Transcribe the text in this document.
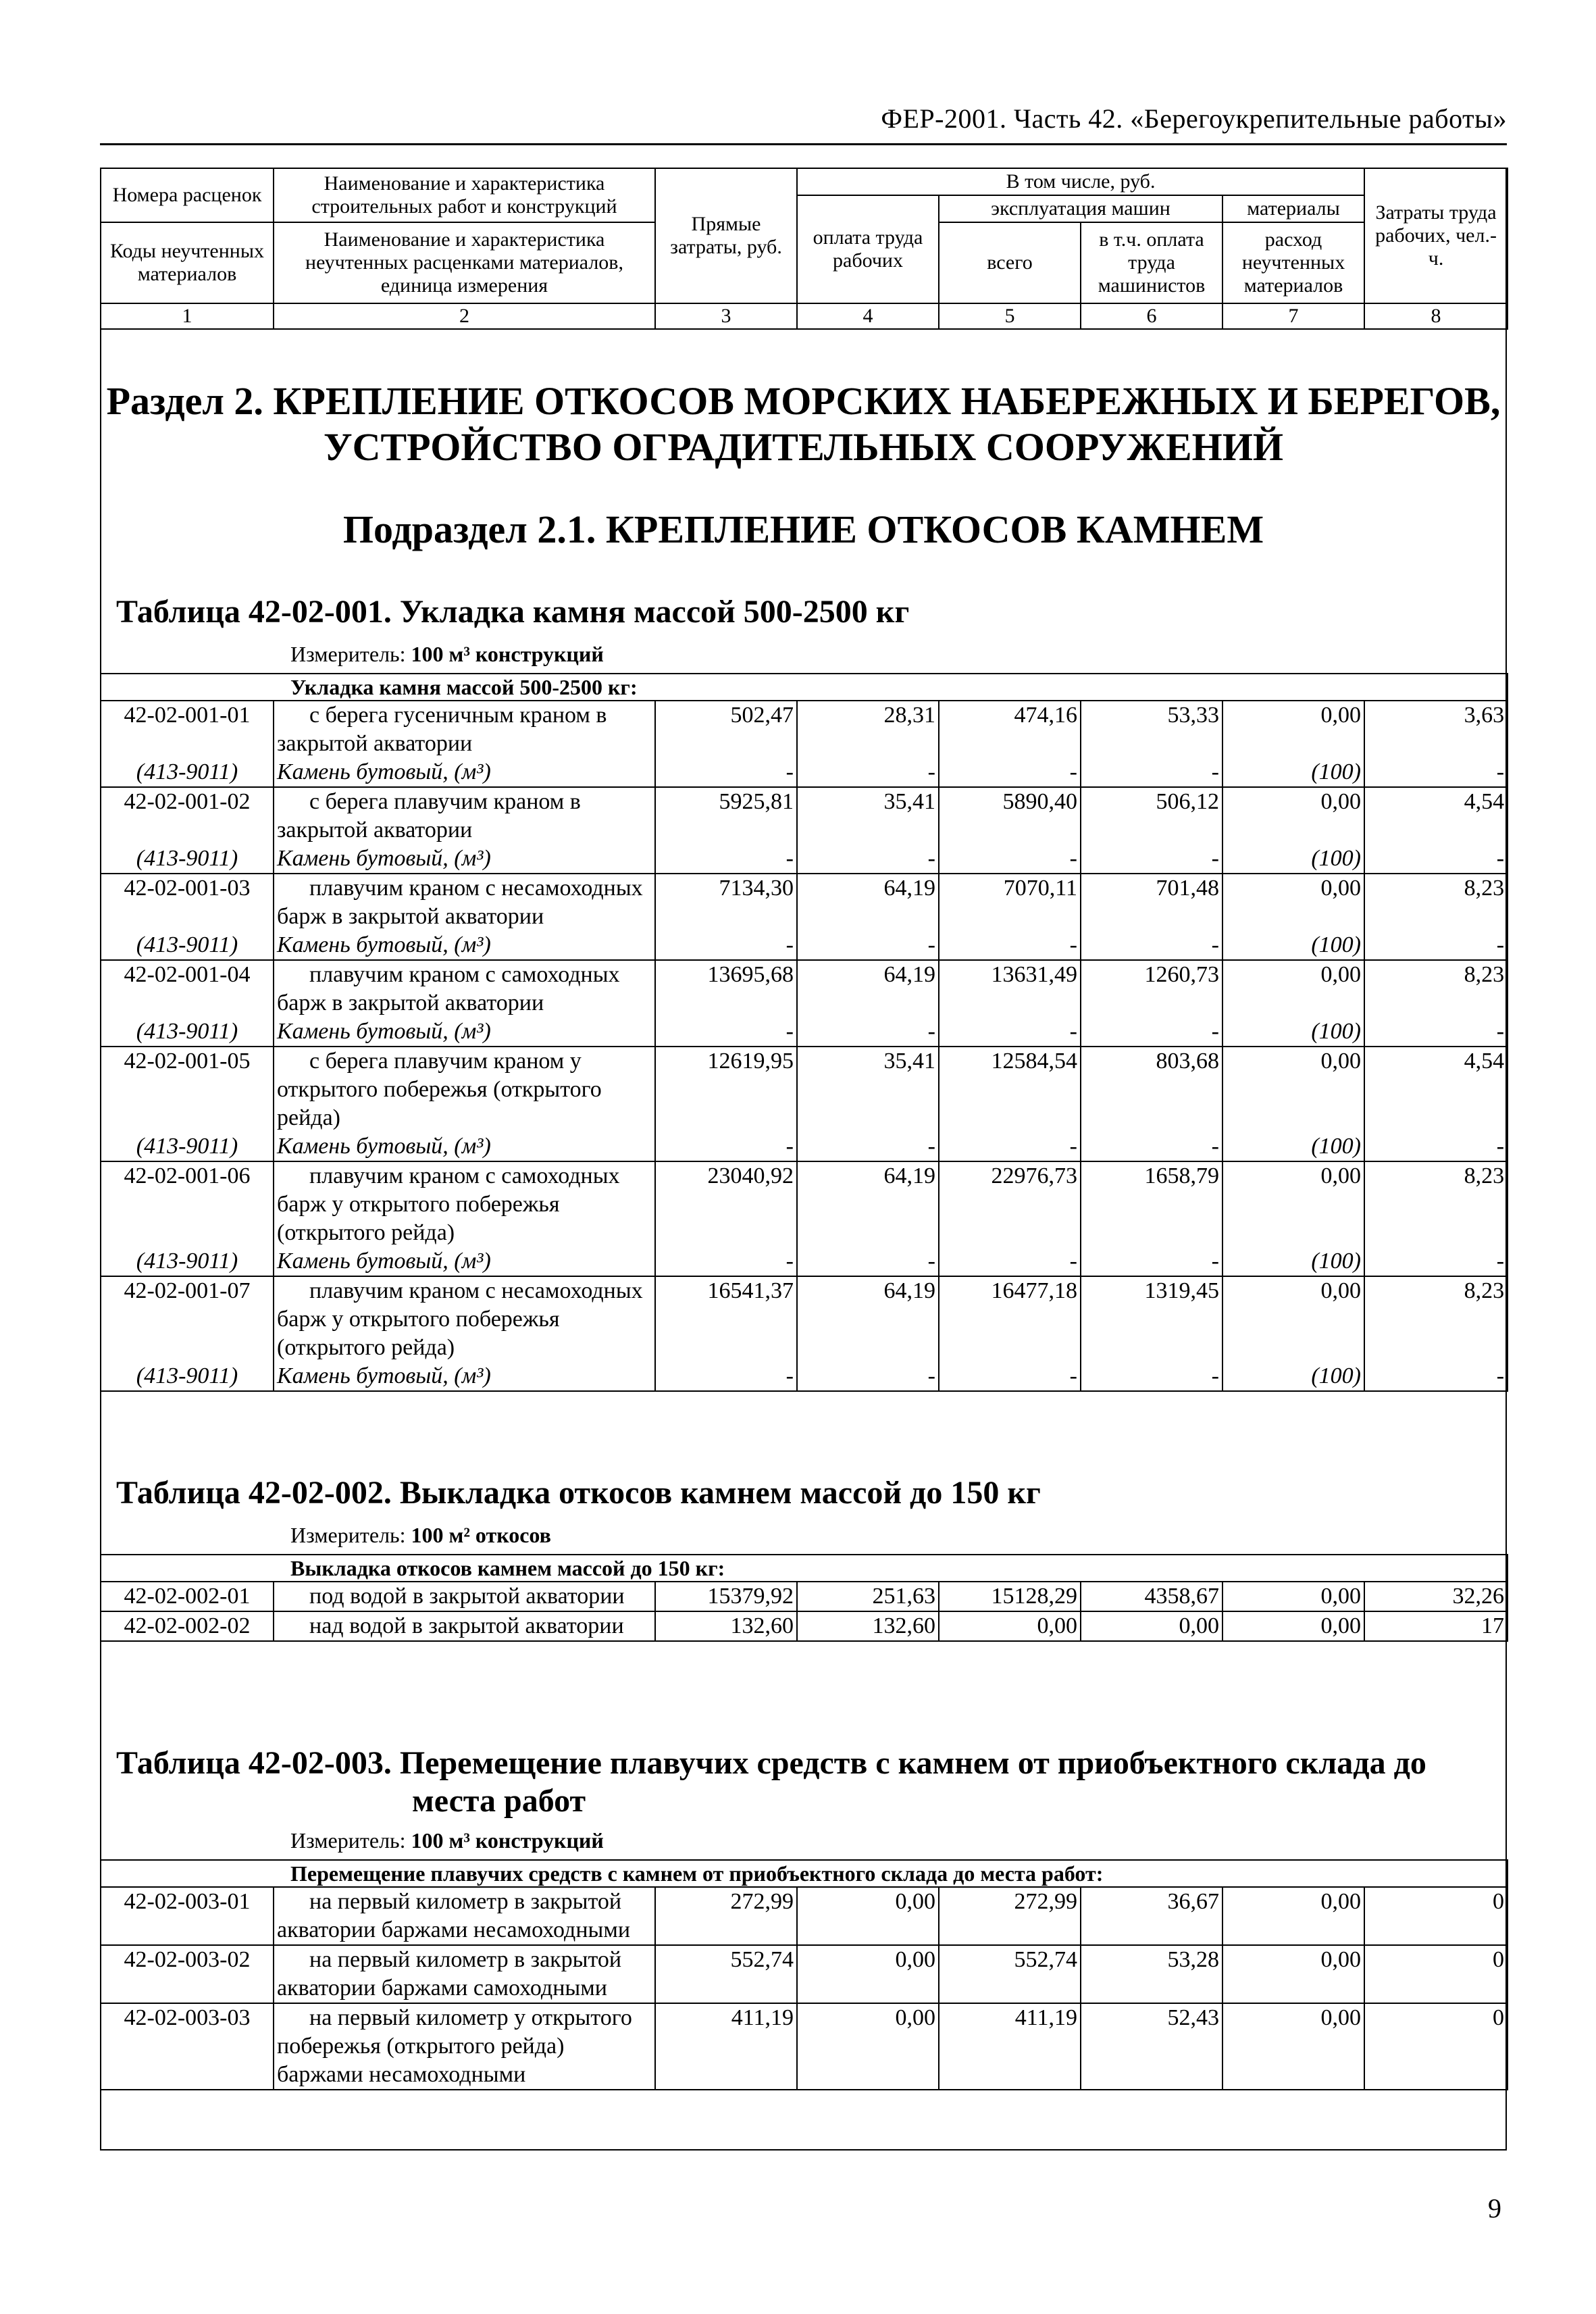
ФЕР-2001. Часть 42. «Берегоукрепительные работы»
Номера расценок	Наименование и характеристика строительных работ и конструкций	Прямые затраты, руб.	В том числе, руб.				Затраты труда рабочих, чел.-ч.
			оплата труда рабочих	эксплуатация машин		материалы	
Коды неучтенных материалов	Наименование и характеристика неучтенных расценками материалов, единица измерения			всего	в т.ч. оплата труда машинистов	расход неучтенных материалов	

1	2	3	4	5	6	7	8
Раздел 2. КРЕПЛЕНИЕ ОТКОСОВ МОРСКИХ НАБЕРЕЖНЫХ И БЕРЕГОВ, УСТРОЙСТВО ОГРАДИТЕЛЬНЫХ СООРУЖЕНИЙ
Подраздел 2.1. КРЕПЛЕНИЕ ОТКОСОВ КАМНЕМ
Таблица 42-02-001. Укладка камня массой 500-2500 кг
Измеритель: 100 м³ конструкций
Укладка камня массой 500-2500 кг:							
42-02-001-01	с берега гусеничным краном в закрытой акватории	502,47	28,31	474,16	53,33	0,00	3,63
(413-9011)	Камень бутовый, (м³)	-	-	-	-	(100)	-
42-02-001-02	с берега плавучим краном в закрытой акватории	5925,81	35,41	5890,40	506,12	0,00	4,54
(413-9011)	Камень бутовый, (м³)	-	-	-	-	(100)	-
42-02-001-03	плавучим краном с несамоходных барж в закрытой акватории	7134,30	64,19	7070,11	701,48	0,00	8,23
(413-9011)	Камень бутовый, (м³)	-	-	-	-	(100)	-
42-02-001-04	плавучим краном с самоходных барж в закрытой акватории	13695,68	64,19	13631,49	1260,73	0,00	8,23
(413-9011)	Камень бутовый, (м³)	-	-	-	-	(100)	-
42-02-001-05	с берега плавучим краном у открытого побережья (открытого рейда)	12619,95	35,41	12584,54	803,68	0,00	4,54
(413-9011)	Камень бутовый, (м³)	-	-	-	-	(100)	-
42-02-001-06	плавучим краном с самоходных барж у открытого побережья (открытого рейда)	23040,92	64,19	22976,73	1658,79	0,00	8,23
(413-9011)	Камень бутовый, (м³)	-	-	-	-	(100)	-
42-02-001-07	плавучим краном с несамоходных барж у открытого побережья (открытого рейда)	16541,37	64,19	16477,18	1319,45	0,00	8,23
(413-9011)	Камень бутовый, (м³)	-	-	-	-	(100)	-
Таблица 42-02-002. Выкладка откосов камнем массой до 150 кг
Измеритель: 100 м² откосов
Выкладка откосов камнем массой до 150 кг:							
42-02-002-01	под водой в закрытой акватории	15379,92	251,63	15128,29	4358,67	0,00	32,26
42-02-002-02	над водой в закрытой акватории	132,60	132,60	0,00	0,00	0,00	17
Таблица 42-02-003. Перемещение плавучих средств с камнем от приобъектного склада до
места работ
Измеритель: 100 м³ конструкций
Перемещение плавучих средств с камнем от приобъектного склада до места работ:							
42-02-003-01	на первый километр в закрытой акватории баржами несамоходными	272,99	0,00	272,99	36,67	0,00	0
42-02-003-02	на первый километр в закрытой акватории баржами самоходными	552,74	0,00	552,74	53,28	0,00	0
42-02-003-03	на первый километр у открытого побережья (открытого рейда) баржами несамоходными	411,19	0,00	411,19	52,43	0,00	0
9
